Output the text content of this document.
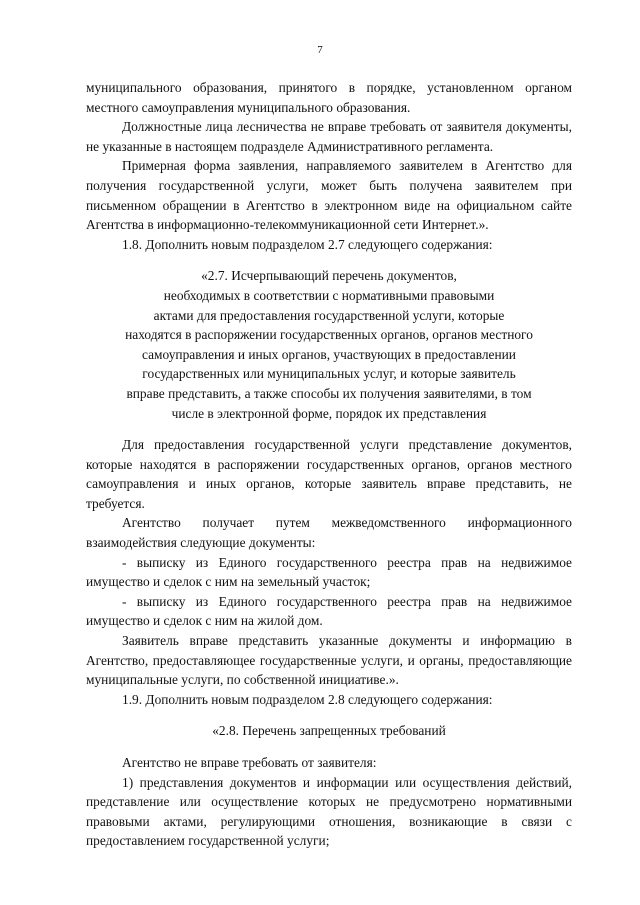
7

муниципального образования, принятого в порядке, установленном органом местного самоуправления муниципального образования.

Должностные лица лесничества не вправе требовать от заявителя документы, не указанные в настоящем подразделе Административного регламента.

Примерная форма заявления, направляемого заявителем в Агентство для получения государственной услуги, может быть получена заявителем при письменном обращении в Агентство в электронном виде на официальном сайте Агентства в информационно-телекоммуникационной сети Интернет.».

1.8. Дополнить новым подразделом 2.7 следующего содержания:

«2.7. Исчерпывающий перечень документов,
необходимых в соответствии с нормативными правовыми
актами для предоставления государственной услуги, которые
находятся в распоряжении государственных органов, органов местного
самоуправления и иных органов, участвующих в предоставлении
государственных или муниципальных услуг, и которые заявитель
вправе представить, а также способы их получения заявителями, в том
числе в электронной форме, порядок их представления

Для предоставления государственной услуги представление документов, которые находятся в распоряжении государственных органов, органов местного самоуправления и иных органов, которые заявитель вправе представить, не требуется.

Агентство получает путем межведомственного информационного взаимодействия следующие документы:

- выписку из Единого государственного реестра прав на недвижимое имущество и сделок с ним на земельный участок;

- выписку из Единого государственного реестра прав на недвижимое имущество и сделок с ним на жилой дом.

Заявитель вправе представить указанные документы и информацию в Агентство, предоставляющее государственные услуги, и органы, предоставляющие муниципальные услуги, по собственной инициативе.».

1.9. Дополнить новым подразделом 2.8 следующего содержания:

«2.8. Перечень запрещенных требований

Агентство не вправе требовать от заявителя:

1) представления документов и информации или осуществления действий, представление или осуществление которых не предусмотрено нормативными правовыми актами, регулирующими отношения, возникающие в связи с предоставлением государственной услуги;
